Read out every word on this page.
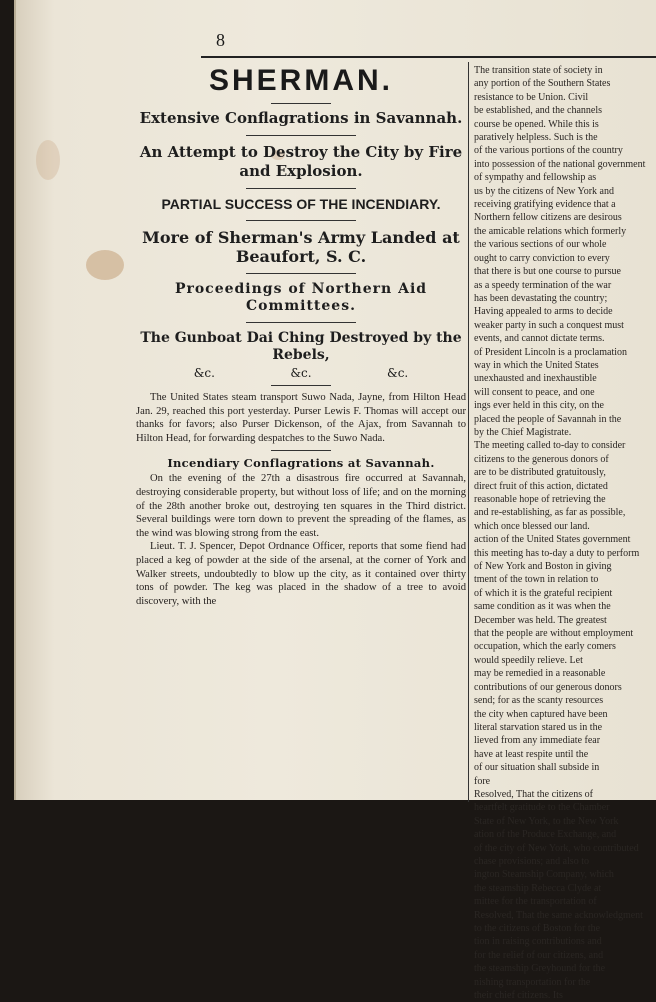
8
SHERMAN.

Extensive Conflagrations in Savannah.

An Attempt to Destroy the City by Fire and Explosion.

PARTIAL SUCCESS OF THE INCENDIARY.

More of Sherman's Army Landed at Beaufort, S. C.

Proceedings of Northern Aid Committees.

The Gunboat Dai Ching Destroyed by the Rebels,

&c.	&c.	&c.

The United States steam transport Suwo Nada, Jayne, from Hilton Head Jan. 29, reached this port yesterday. Purser Lewis F. Thomas will accept our thanks for favors; also Purser Dickenson, of the Ajax, from Savannah to Hilton Head, for forwarding despatches to the Suwo Nada.

Incendiary Conflagrations at Savannah.

On the evening of the 27th a disastrous fire occurred at Savannah, destroying considerable property, but without loss of life; and on the morning of the 28th another broke out, destroying ten squares in the Third district. Several buildings were torn down to prevent the spreading of the flames, as the wind was blowing strong from the east.

Lieut. T. J. Spencer, Depot Ordnance Officer, reports that some fiend had placed a keg of powder at the side of the arsenal, at the corner of York and Walker streets, undoubtedly to blow up the city, as it contained over thirty tons of powder. The keg was placed in the shadow of a tree to avoid discovery, with the

The transition state of society in
any portion of the Southern States
resistance to be Union. Civil
be established, and the channels
course be opened. While this is
paratively helpless. Such is the
of the various portions of the country
into possession of the national government
of sympathy and fellowship as
us by the citizens of New York and
receiving gratifying evidence that a
Northern fellow citizens are desirous
the amicable relations which formerly
the various sections of our whole
ought to carry conviction to every
that there is but one course to pursue
as a speedy termination of the war
has been devastating the country;
Having appealed to arms to decide
weaker party in such a conquest must
events, and cannot dictate terms.
of President Lincoln is a proclamation
way in which the United States
unexhausted and inexhaustible
will consent to peace, and one
ings ever held in this city, on the
placed the people of Savannah in the
by the Chief Magistrate.
The meeting called to-day to consider
citizens to the generous donors of
are to be distributed gratuitously,
direct fruit of this action, dictated
reasonable hope of retrieving the
and re-establishing, as far as possible,
which once blessed our land.
action of the United States government
this meeting has to-day a duty to perform
of New York and Boston in giving
tment of the town in relation to
of which it is the grateful recipient
same condition as it was when the
December was held. The greatest
that the people are without employment
occupation, which the early comers
would speedily relieve. Let
may be remedied in a reasonable
contributions of our generous donors
send; for as the scanty resources
the city when captured have been
literal starvation stared us in the
lieved from any immediate fear
have at least respite until the
of our situation shall subside in
fore
Resolved, That the citizens of
heartfelt gratitude to the Chamber
State of New York, to the New York
ation of the Produce Exchange, and
of the city of New York, who contributed
chase provisions; and also to
ington Steamship Company, which
the steamship Rebecca Clyde at
mittee for the transportation of
Resolved, That the same acknowledgment
to the citizens of Boston for the
tion in raising contributions and
for the relief of our citizens, and
the steamship Greyhound for the
nishing transportation for the
their chief citizens. Its
